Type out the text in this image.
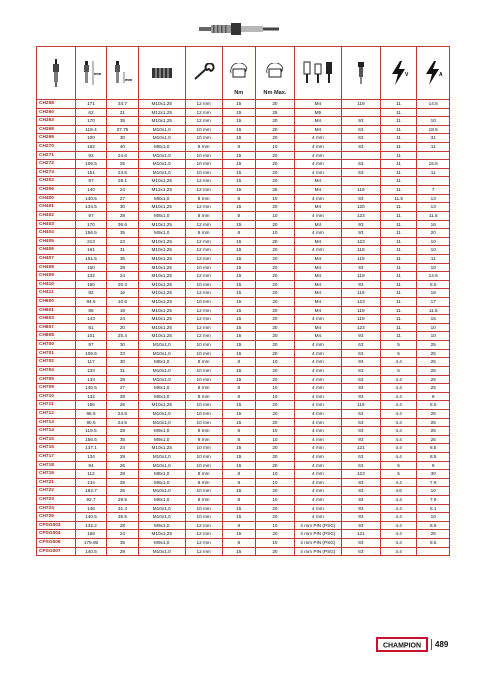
mm	mm			Nm	Nm Max.			V	A

CH258	171	34.7	M10x1,25	12 mm	15	20	M4	119	11	14.5
CH260	62	21	M12x1,25	12 mm	15	25	M5		11	
CH263	170	35	M10x1,25	12 mm	15	20	M4	93	11	10
CH268	118.4	27.75	M10x1,0	10 mm	15	20	M4	63	11	18.5
CH269	100	30	M10x1,0	10 mm	15	20	4 mm	63	11	31
CH270	152	40	M8x1,0	8 mm	8	10	4 mm	93	11	11
CH271	92	24.6	M10x1,0	10 mm	15	20	4 mm		11	
CH272	106.5	25	M10x1,0	10 mm	15	20	4 mm	63	11	15.5
CH273	151	24.5	M10x1,0	10 mm	15	20	4 mm	63	11	11
CH302	97	28.1	M10x1,25	12 mm	15	20	M4		11	
CH306	140	24	M12x1,25	12 mm	15	25	M4	119	11	7
CH400	140.5	27	M8x1,0	8 mm	8	10	4 mm	93	11.5	13
CH401	134.5	30	M10x1,25	12 mm	15	20	M4	120	11	13
CH402	97	28	M8x1,0	8 mm	8	10	4 mm	123	11	11.5
CH403	170	36.6	M10x1,25	12 mm	15	20	M4	93	11	16
CH404	156.5	35	M9x1,0	9 mm	8	10	4 mm	93	11	20
CH405	213	23	M10x1,25	12 mm	15	20	M4	123	11	10
CH406	161	31	M10x1,25	12 mm	15	20	4 mm	119	11	10
CH407	151.5	36	M10x1,25	12 mm	15	20	M4	119	11	11
CH408	160	28	M10x1,25	10 mm	15	20	M4	93	11	10
CH409	132	24	M10x1,25	12 mm	15	20	M4	119	11	14.5
CH410	160	20.3	M10x1,25	10 mm	15	20	M4	93	11	8.5
CH411	82	16	M10x1,25	12 mm	15	20	M4	119	11	18
CH600	94.5	10.5	M10x1,25	10 mm	15	20	M4	123	11	17
CH601	85	19	M10x1,25	12 mm	15	20	M4	119	11	11.5
CH603	143	24	M10x1,25	12 mm	15	20	4 mm	119	11	15
CH607	81	20	M10x1,25	12 mm	15	20	M4	123	11	10
CH608	101	25.4	M10x1,25	12 mm	15	20	M4	93	11	10
CH700	97	30	M10x1,0	10 mm	15	20	4 mm	63	5	25
CH701	106.5	33	M10x1,0	10 mm	15	20	4 mm	63	5	25
CH702	117	30	M8x1,0	8 mm	8	10	4 mm	93	4.4	25
CH704	133	31	M10x1,0	10 mm	15	20	4 mm	63	5	25
CH705	133	28	M10x1,0	10 mm	15	20	4 mm	63	4.4	25
CH709	140.5	27	M8x1,0	8 mm	8	10	4 mm	93	4.4	25
CH710	132	28	M8x1,0	8 mm	8	10	4 mm	93	4.4	9
CH711	156	26	M10x1,25	10 mm	15	20	4 mm	119	4.4	8.5
CH712	96.5	24.5	M10x1,0	10 mm	15	20	4 mm	63	4.4	25
CH713	90.5	24.5	M10x1,0	10 mm	15	20	4 mm	63	4.4	25
CH714	119.5	28	M9x1,0	9 mm	8	10	4 mm	93	4.4	25
CH715	156.5	35	M9x1,0	9 mm	8	10	4 mm	93	4.4	25
CH716	137.1	24	M10x1,25	10 mm	15	20	4 mm	121	4.4	8.5
CH717	134	29	M10x1,0	10 mm	15	20	4 mm	63	4.4	8.5
CH718	94	26	M10x1,0	10 mm	15	20	4 mm	63	5	9
CH719	112	28	M8x1,0	8 mm	8	10	4 mm	123	5	30
CH721	134	28	M8x1,0	8 mm	8	10	4 mm	93	4.4	7.9
CH722	162.7	26	M10x1,0	10 mm	15	20	4 mm	93	4.6	10
CH723	92.7	29.5	M8x1,0	8 mm	8	10	4 mm	93	4.4	7.9
CH724	146	31.4	M10x1,0	10 mm	15	20	4 mm	93	4.4	8.1
CH725	140.5	35.5	M10x1,0	10 mm	15	20	4 mm	93	4.4	10
CPSG003	132.2	28	M9x1,0	12 mm	8	10	4 mm PIN (PSG)	93	4.4	8.5
CPSG004	168	24	M10x1,25	12 mm	15	20	4 mm PIN (PSG)	121	4.4	25
CPSG006	179.95	35	M9x1,0	12 mm	8	10	4 mm PIN (PSG)	93	4.4	8.5
CPSG007	140.5	28	M10x1,0	12 mm	15	20	4 mm PIN (PSG)	63	4.4	
CHAMPION	489
